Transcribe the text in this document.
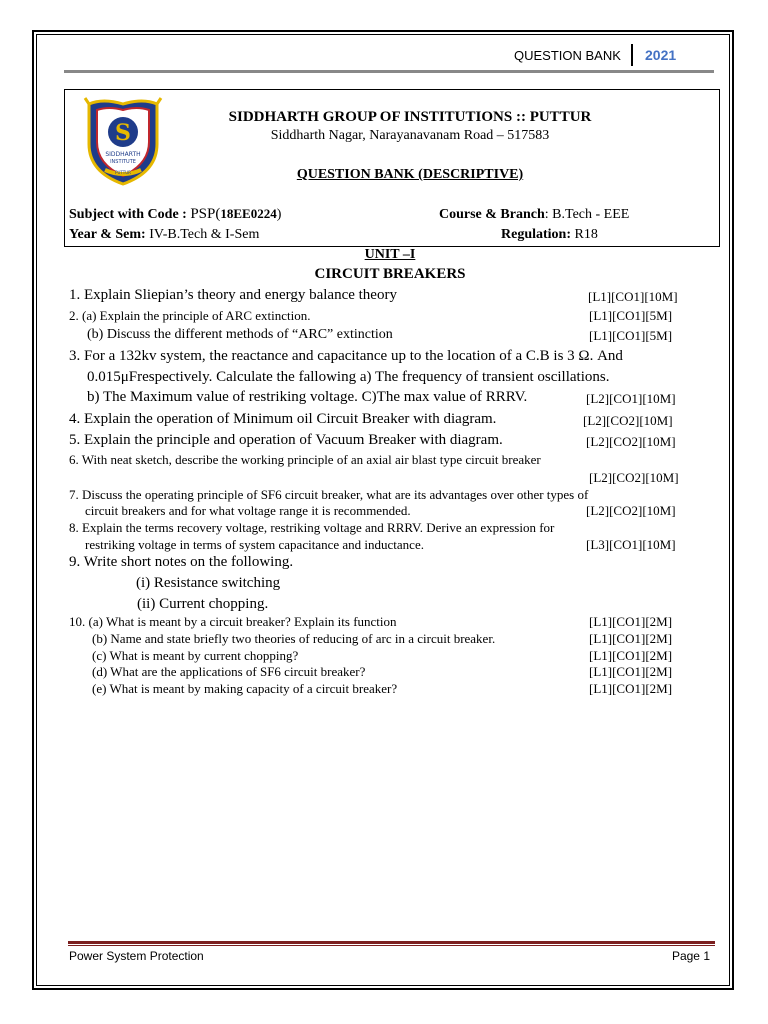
QUESTION BANK 2021
S
SIDDHARTH
INSTITUTE
PUTTUR
SIDDHARTH GROUP OF INSTITUTIONS :: PUTTUR
Siddharth Nagar, Narayanavanam Road – 517583
QUESTION BANK (DESCRIPTIVE)
Subject with Code : PSP(18EE0224)	Course & Branch: B.Tech - EEE
Year & Sem: IV-B.Tech & I-Sem	Regulation: R18
UNIT –I
CIRCUIT BREAKERS
1. Explain Sliepian’s theory and energy balance theory	[L1][CO1][10M]
2. (a) Explain the principle of ARC extinction.	[L1][CO1][5M]
(b) Discuss the different methods of “ARC” extinction	[L1][CO1][5M]
3. For a 132kv system, the reactance and capacitance up to the location of a C.B is 3 Ω. And
0.015μFrespectively. Calculate the fallowing a) The frequency of transient oscillations.
b) The Maximum value of restriking voltage. C)The max value of RRRV.	[L2][CO1][10M]
4. Explain the operation of Minimum oil Circuit Breaker with diagram.	[L2][CO2][10M]
5. Explain the principle and operation of Vacuum Breaker with diagram.	[L2][CO2][10M]
6. With neat sketch, describe the working principle of an axial air blast type circuit breaker
[L2][CO2][10M]
7. Discuss the operating principle of SF6 circuit breaker, what are its advantages over other types of
circuit breakers and for what voltage range it is recommended.	[L2][CO2][10M]
8. Explain the terms recovery voltage, restriking voltage and RRRV. Derive an expression for
restriking voltage in terms of system capacitance and inductance.	[L3][CO1][10M]
9. Write short notes on the following.
(i) Resistance switching
(ii) Current chopping.
10. (a) What is meant by a circuit breaker? Explain its function	[L1][CO1][2M]
(b) Name and state briefly two theories of reducing of arc in a circuit breaker.	[L1][CO1][2M]
(c) What is meant by current chopping?	[L1][CO1][2M]
(d) What are the applications of SF6 circuit breaker?	[L1][CO1][2M]
(e) What is meant by making capacity of a circuit breaker?	[L1][CO1][2M]
Power System Protection	Page 1
